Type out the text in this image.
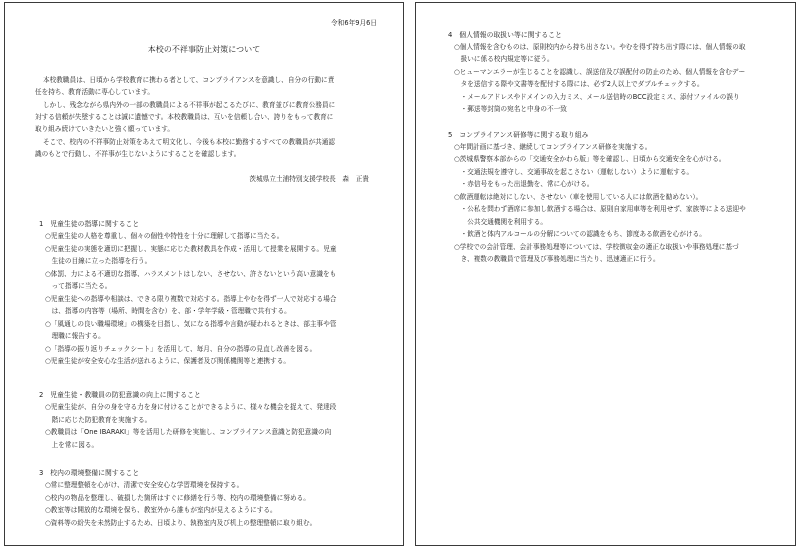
令和6年9月6日
本校の不祥事防止対策について
本校教職員は、日頃から学校教育に携わる者として、コンプライアンスを意識し、自分の行動に責
任を持ち、教育活動に専心しています。
しかし、残念ながら県内外の一部の教職員による不祥事が起こるたびに、教育並びに教育公務員に
対する信頼が失墜することは誠に遺憾です。本校教職員は、互いを信頼し合い、誇りをもって教育に
取り組み続けていきたいと強く願っています。
そこで、校内の不祥事防止対策をあえて明文化し、今後も本校に勤務するすべての教職員が共通認
識のもとで行動し、不祥事が生じないようにすることを確認します。
茨城県立土浦特別支援学校長　森　正貴
1　児童生徒の指導に関すること
○児童生徒の人格を尊重し、個々の個性や特性を十分に理解して指導に当たる。
○児童生徒の実態を適切に把握し、実態に応じた教材教具を作成・活用して授業を展開する。児童
　生徒の目線に立った指導を行う。
○体罰、力による不適切な指導、ハラスメントはしない、させない、許さないという高い意識をも
　って指導に当たる。
○児童生徒への指導や相談は、できる限り複数で対応する。指導上やむを得ず一人で対応する場合
　は、指導の内容等（場所、時間を含む）を、部・学年学級・管理職で共有する。
○「風通しの良い職場環境」の構築を目指し、気になる指導や言動が疑われるときは、部主事や管
　理職に報告する。
○「指導の振り返りチェックシート」を活用して、毎月、自分の指導の見直し改善を図る。
○児童生徒が安全安心な生活が送れるように、保護者及び関係機関等と連携する。
2　児童生徒・教職員の防犯意識の向上に関すること
○児童生徒が、自分の身を守る力を身に付けることができるように、様々な機会を捉えて、発達段
　階に応じた防犯教育を実施する。
○教職員は「One IBARAKI」等を活用した研修を実施し、コンプライアンス意識と防犯意識の向
　上を常に図る。
3　校内の環境整備に関すること
○常に整理整頓を心がけ、清潔で安全安心な学習環境を保持する。
○校内の物品を整理し、破損した箇所はすぐに修繕を行う等、校内の環境整備に努める。
○教室等は開放的な環境を保ち、教室外から誰もが室内が見えるようにする。
○資料等の紛失を未然防止するため、日頃より、執務室内及び机上の整理整頓に取り組む。
4　個人情報の取扱い等に関すること
○個人情報を含むものは、原則校内から持ち出さない。やむを得ず持ち出す際には、個人情報の取
　扱いに係る校内規定等に従う。
○ヒューマンエラーが生じることを認識し、誤送信及び誤配付の防止のため、個人情報を含むデー
　タを送信する際や文書等を配付する際には、必ず2人以上でダブルチェックする。
　・メールアドレスやドメインの入力ミス、メール送信時のBCC設定ミス、添付ファイルの誤り
　・郵送等封筒の宛名と中身の不一致
5　コンプライアンス研修等に関する取り組み
○年間計画に基づき、継続してコンプライアンス研修を実施する。
○茨城県警察本部からの「交通安全かわら版」等を確認し、日頃から交通安全を心がける。
　・交通法規を遵守し、交通事故を起こさない（運転しない）ように運転する。
　・赤信号をもった出退勤を、常に心がける。
○飲酒運転は絶対にしない、させない（車を使用している人には飲酒を勧めない）。
　・公私を問わず酒席に参加し飲酒する場合は、原則自家用車等を利用せず、家族等による送迎や
　　公共交通機関を利用する。
　・飲酒と体内アルコールの分解についての認識をもち、節度ある飲酒を心がける。
○学校での会計管理、会計事務処理等については、学校徴収金の適正な取扱いや事務処理に基づ
　き、複数の教職員で管理及び事務処理に当たり、迅速適正に行う。
